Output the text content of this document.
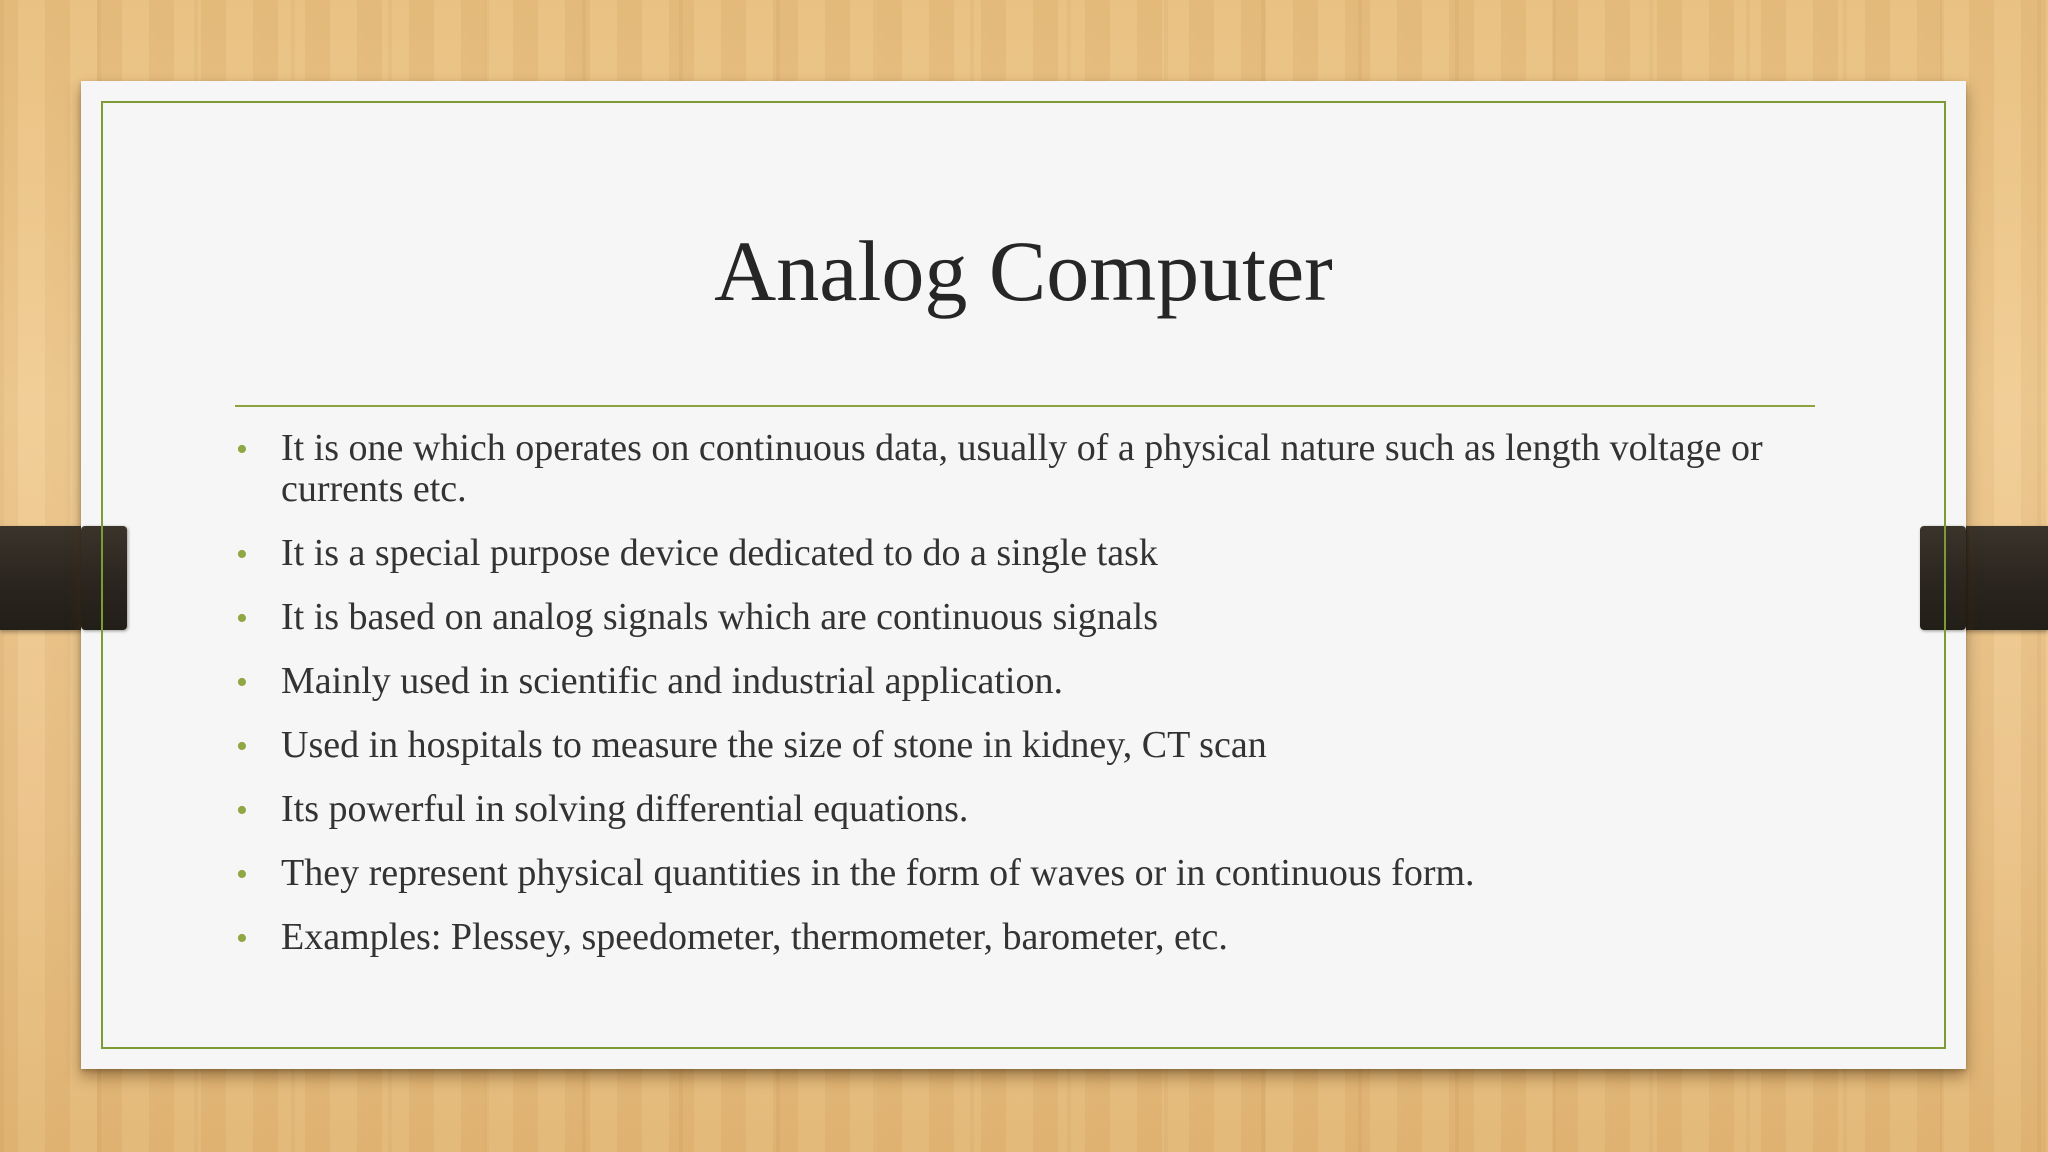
Analog Computer
• It is one which operates on continuous data, usually of a physical nature such as length voltage or currents etc.
• It is a special purpose device dedicated to do a single task
• It is based on analog signals which are continuous signals
• Mainly used in scientific and industrial application.
• Used in hospitals to measure the size of stone in kidney, CT scan
• Its powerful in solving differential equations.
• They represent physical quantities in the form of waves or in continuous form.
• Examples: Plessey, speedometer, thermometer, barometer, etc.
